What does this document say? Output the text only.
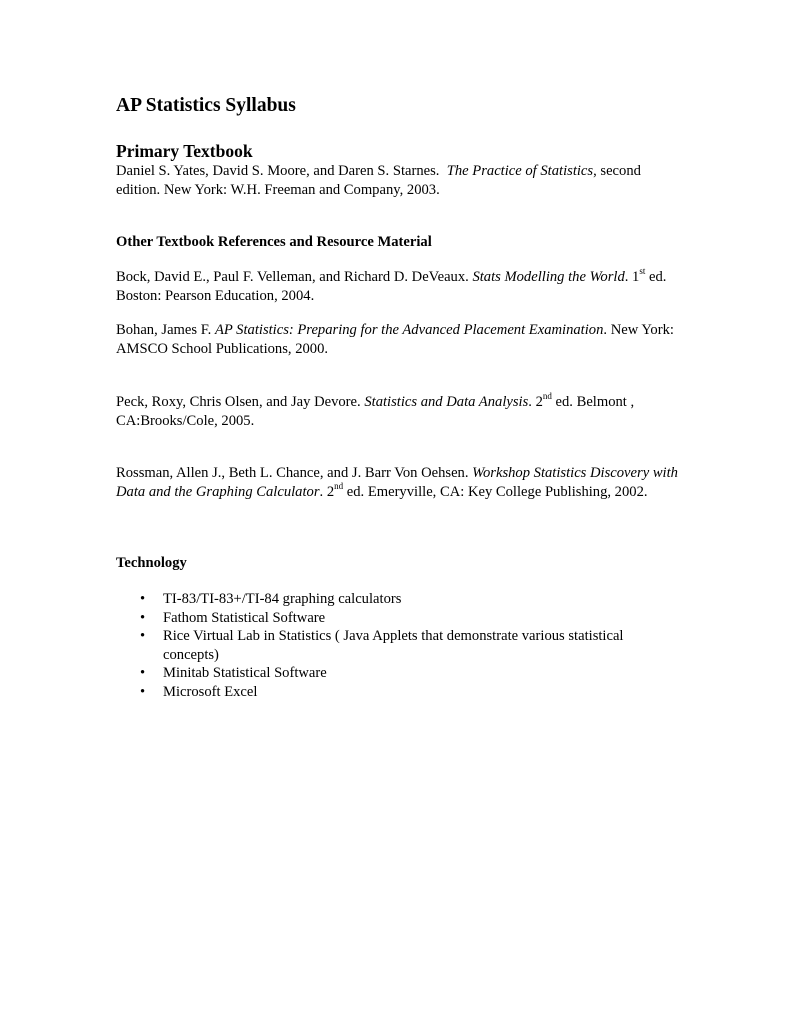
AP Statistics Syllabus
Primary Textbook
Daniel S. Yates, David S. Moore, and Daren S. Starnes. The Practice of Statistics, second edition. New York: W.H. Freeman and Company, 2003.
Other Textbook References and Resource Material
Bock, David E., Paul F. Velleman, and Richard D. DeVeaux. Stats Modelling the World. 1st ed. Boston: Pearson Education, 2004.
Bohan, James F. AP Statistics: Preparing for the Advanced Placement Examination. New York: AMSCO School Publications, 2000.
Peck, Roxy, Chris Olsen, and Jay Devore. Statistics and Data Analysis. 2nd ed. Belmont , CA:Brooks/Cole, 2005.
Rossman, Allen J., Beth L. Chance, and J. Barr Von Oehsen. Workshop Statistics Discovery with Data and the Graphing Calculator. 2nd ed. Emeryville, CA: Key College Publishing, 2002.
Technology
• TI-83/TI-83+/TI-84 graphing calculators
• Fathom Statistical Software
• Rice Virtual Lab in Statistics ( Java Applets that demonstrate various statistical concepts)
• Minitab Statistical Software
• Microsoft Excel
